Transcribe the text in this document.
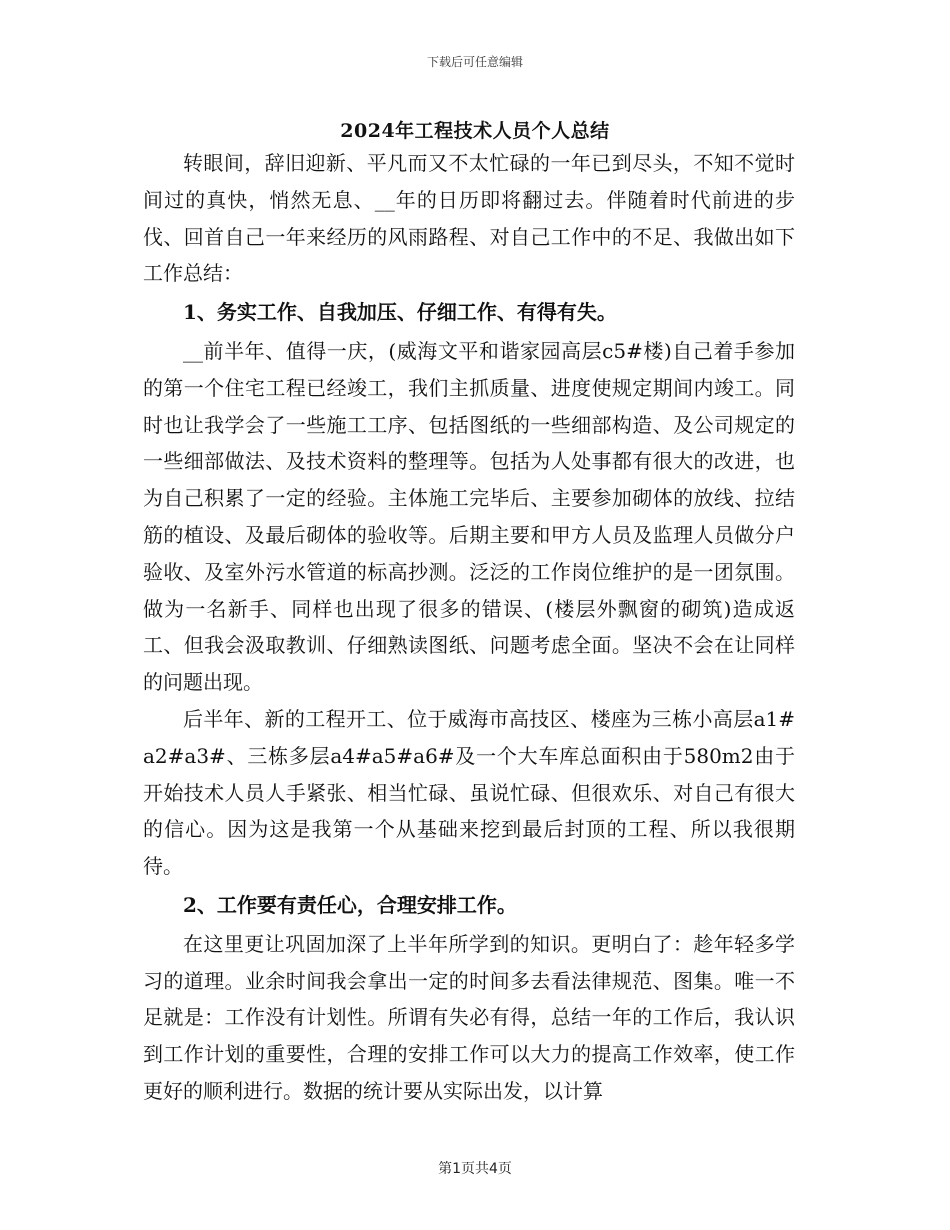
下载后可任意编辑
2024年工程技术人员个人总结

转眼间，辞旧迎新、平凡而又不太忙碌的一年已到尽头，不知不觉时间过的真快，悄然无息、__年的日历即将翻过去。伴随着时代前进的步伐、回首自己一年来经历的风雨路程、对自己工作中的不足、我做出如下工作总结：

1、务实工作、自我加压、仔细工作、有得有失。

__前半年、值得一庆，(威海文平和谐家园高层c5#楼)自己着手参加的第一个住宅工程已经竣工，我们主抓质量、进度使规定期间内竣工。同时也让我学会了一些施工工序、包括图纸的一些细部构造、及公司规定的一些细部做法、及技术资料的整理等。包括为人处事都有很大的改进，也为自己积累了一定的经验。主体施工完毕后、主要参加砌体的放线、拉结筋的植设、及最后砌体的验收等。后期主要和甲方人员及监理人员做分户验收、及室外污水管道的标高抄测。泛泛的工作岗位维护的是一团氛围。做为一名新手、同样也出现了很多的错误、(楼层外飘窗的砌筑)造成返工、但我会汲取教训、仔细熟读图纸、问题考虑全面。坚决不会在让同样的问题出现。

后半年、新的工程开工、位于威海市高技区、楼座为三栋小高层a1#a2#a3#、三栋多层a4#a5#a6#及一个大车库总面积由于580m2由于开始技术人员人手紧张、相当忙碌、虽说忙碌、但很欢乐、对自己有很大的信心。因为这是我第一个从基础来挖到最后封顶的工程、所以我很期待。

2、工作要有责任心，合理安排工作。

在这里更让巩固加深了上半年所学到的知识。更明白了：趁年轻多学习的道理。业余时间我会拿出一定的时间多去看法律规范、图集。唯一不足就是：工作没有计划性。所谓有失必有得，总结一年的工作后，我认识到工作计划的重要性，合理的安排工作可以大力的提高工作效率，使工作更好的顺利进行。数据的统计要从实际出发，以计算

第1页共4页
